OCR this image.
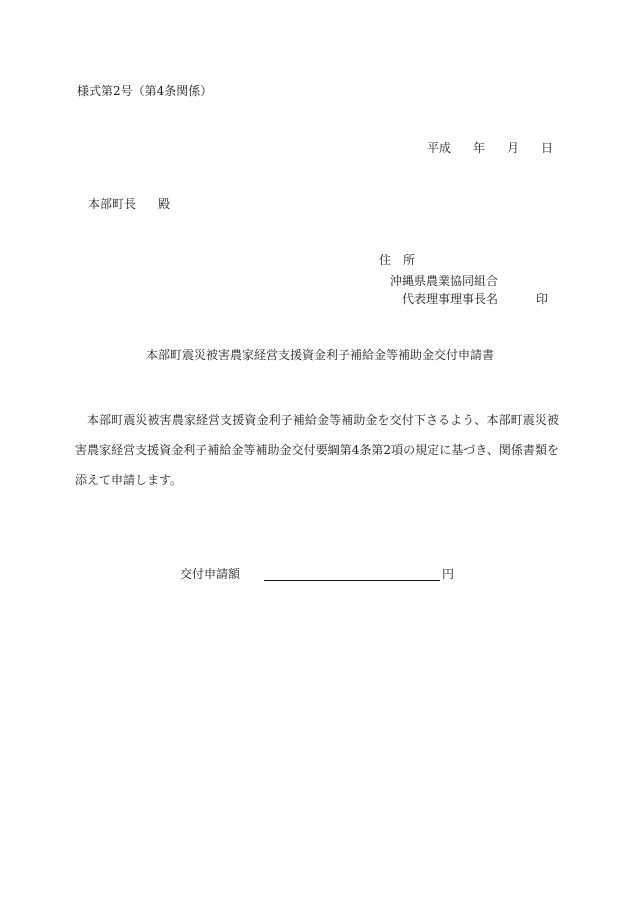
様式第2号（第4条関係）
平成 年 月 日
本部町長 殿
住 所
沖縄県農業協同組合
代表理事理事長名	印
本部町震災被害農家経営支援資金利子補給金等補助金交付申請書
本部町震災被害農家経営支援資金利子補給金等補助金を交付下さるよう、本部町震災被害農家経営支援資金利子補給金等補助金交付要綱第4条第2項の規定に基づき、関係書類を添えて申請します。
交付申請額	円
